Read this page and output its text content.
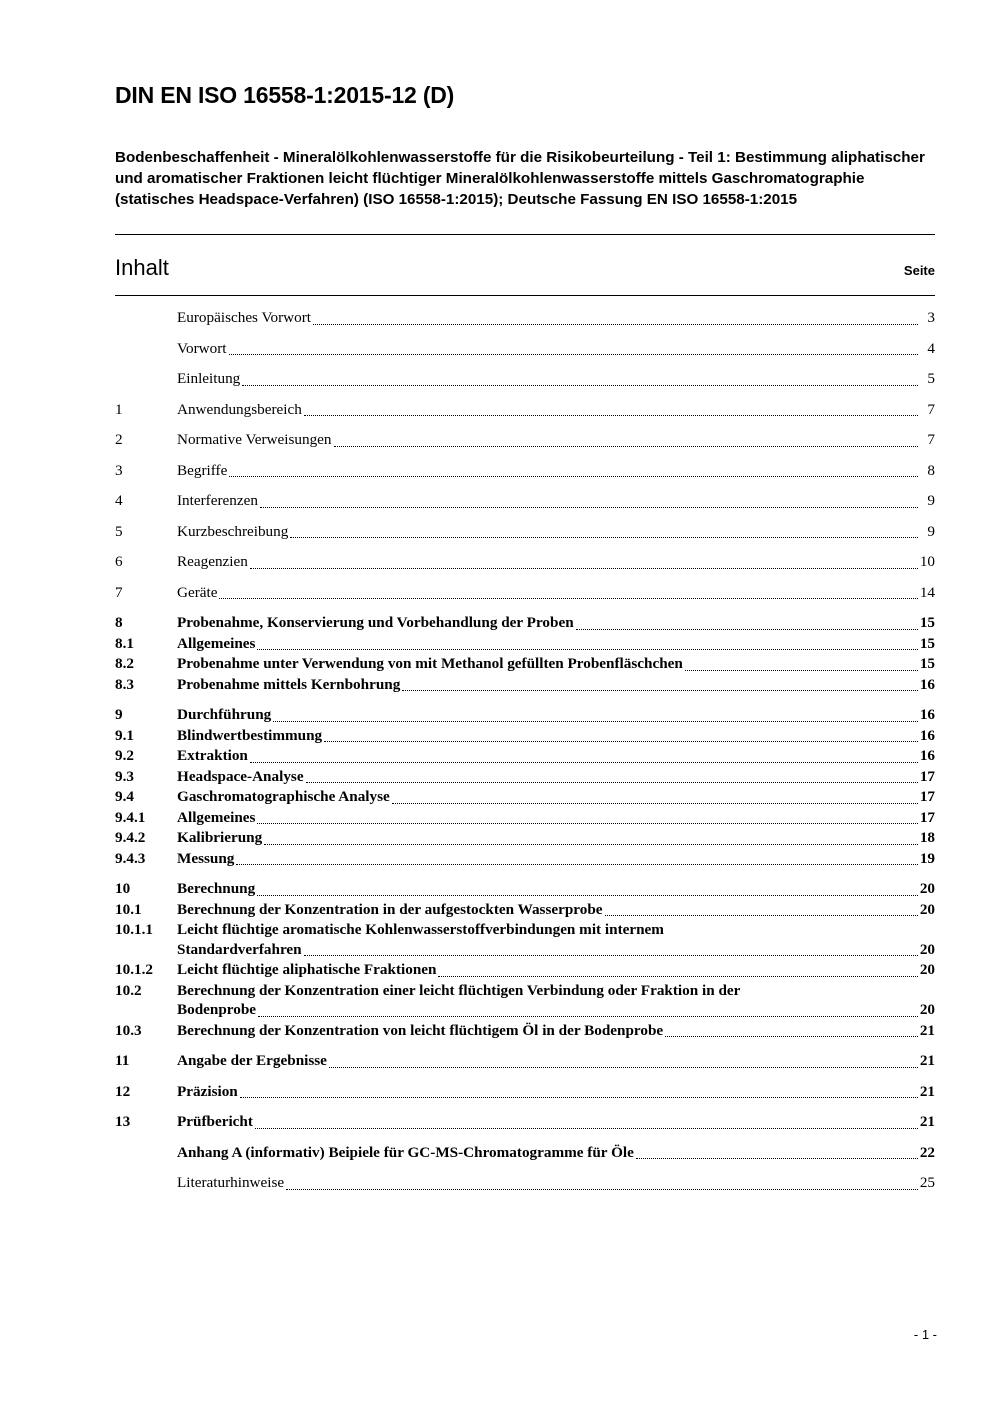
DIN EN ISO 16558-1:2015-12 (D)

Bodenbeschaffenheit - Mineralölkohlenwasserstoffe für die Risikobeurteilung - Teil 1: Bestimmung aliphatischer und aromatischer Fraktionen leicht flüchtiger Mineralölkohlenwasserstoffe mittels Gaschromatographie (statisches Headspace-Verfahren) (ISO 16558-1:2015); Deutsche Fassung EN ISO 16558-1:2015

Inhalt	Seite
Europäisches Vorwort	3
Vorwort	4
Einleitung	5
1	Anwendungsbereich	7
2	Normative Verweisungen	7
3	Begriffe	8
4	Interferenzen	9
5	Kurzbeschreibung	9
6	Reagenzien	10
7	Geräte	14
8	Probenahme, Konservierung und Vorbehandlung der Proben	15
8.1	Allgemeines	15
8.2	Probenahme unter Verwendung von mit Methanol gefüllten Probenfläschchen	15
8.3	Probenahme mittels Kernbohrung	16
9	Durchführung	16
9.1	Blindwertbestimmung	16
9.2	Extraktion	16
9.3	Headspace-Analyse	17
9.4	Gaschromatographische Analyse	17
9.4.1	Allgemeines	17
9.4.2	Kalibrierung	18
9.4.3	Messung	19
10	Berechnung	20
10.1	Berechnung der Konzentration in der aufgestockten Wasserprobe	20
10.1.1	Leicht flüchtige aromatische Kohlenwasserstoffverbindungen mit internem
Standardverfahren	20
10.1.2	Leicht flüchtige aliphatische Fraktionen	20
10.2	Berechnung der Konzentration einer leicht flüchtigen Verbindung oder Fraktion in der
Bodenprobe	20
10.3	Berechnung der Konzentration von leicht flüchtigem Öl in der Bodenprobe	21
11	Angabe der Ergebnisse	21
12	Präzision	21
13	Prüfbericht	21
Anhang A (informativ) Beipiele für GC-MS-Chromatogramme für Öle	22
Literaturhinweise	25
- 1 -
